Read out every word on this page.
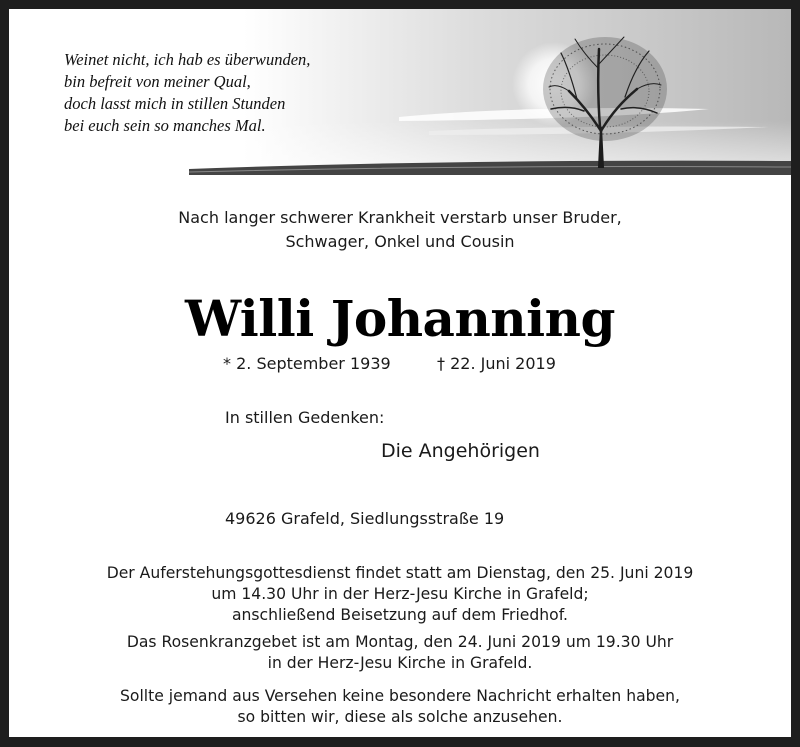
Weinet nicht, ich hab es überwunden,
bin befreit von meiner Qual,
doch lasst mich in stillen Stunden
bei euch sein so manches Mal.
Nach langer schwerer Krankheit verstarb unser Bruder,
Schwager, Onkel und Cousin
Willi Johanning
* 2. September 1939	† 22. Juni 2019
In stillen Gedenken:
Die Angehörigen
49626 Grafeld, Siedlungsstraße 19
Der Auferstehungsgottesdienst findet statt am Dienstag, den 25. Juni 2019
um 14.30 Uhr in der Herz-Jesu Kirche in Grafeld;
anschließend Beisetzung auf dem Friedhof.
Das Rosenkranzgebet ist am Montag, den 24. Juni 2019 um 19.30 Uhr
in der Herz-Jesu Kirche in Grafeld.
Sollte jemand aus Versehen keine besondere Nachricht erhalten haben,
so bitten wir, diese als solche anzusehen.
